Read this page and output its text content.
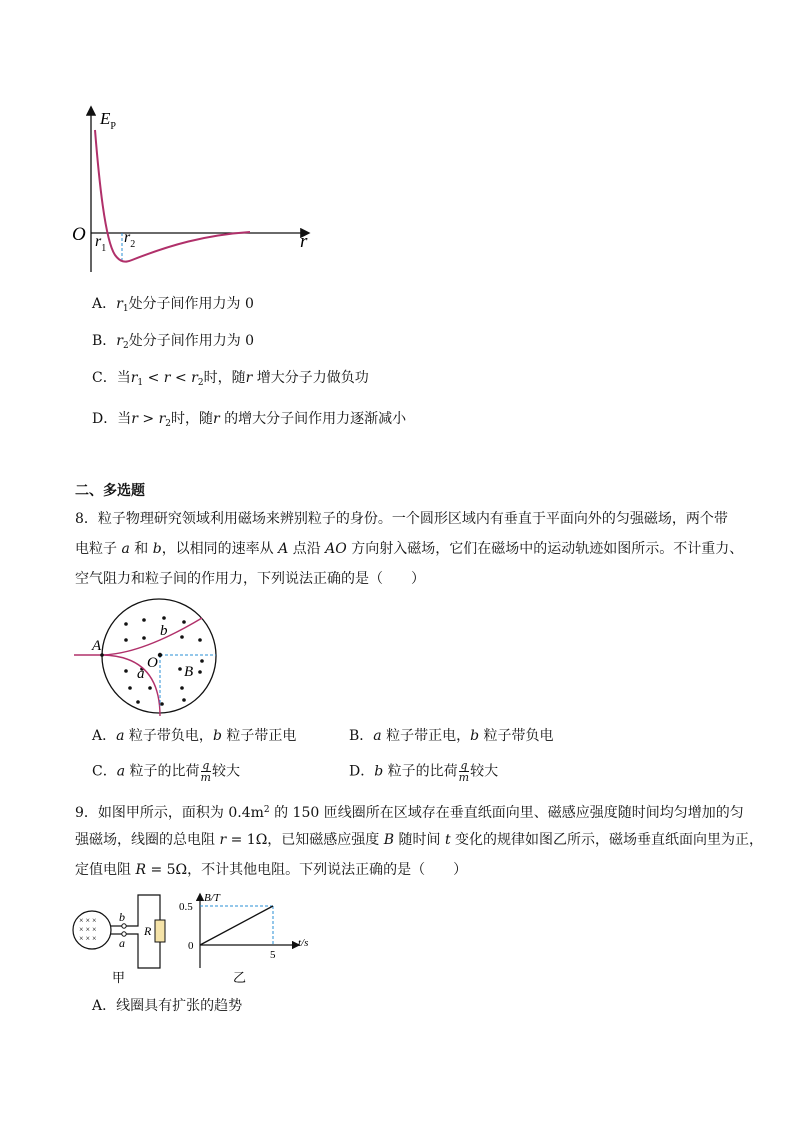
$E_P$
O	r
$r_1$
$r_2$
A．$r_1$处分子间作用力为 0
B．$r_2$处分子间作用力为 0
C．当$r_1 < r < r_2$时，随r 增大分子力做负功
D．当$r > r_2$时，随r 的增大分子间作用力逐渐减小
二、多选题
8．粒子物理研究领域利用磁场来辨别粒子的身份。一个圆形区域内有垂直于平面向外的匀强磁场，两个带
电粒子 a 和 b，以相同的速率从 A 点沿 AO 方向射入磁场，它们在磁场中的运动轨迹如图所示。不计重力、
空气阻力和粒子间的作用力，下列说法正确的是（　　）
A
O
B
a
b
A．a 粒子带负电，b 粒子带正电	B．a 粒子带正电，b 粒子带负电
C．a 粒子的比荷 $\frac{q}{m}$ 较大	D．b 粒子的比荷 $\frac{q}{m}$ 较大
9．如图甲所示，面积为 $0.4m^2$ 的 150 匝线圈所在区域存在垂直纸面向里、磁感应强度随时间均匀增加的匀
强磁场，线圈的总电阻 r = 1Ω，已知磁感应强度 B 随时间 t 变化的规律如图乙所示，磁场垂直纸面向里为正，
定值电阻 R = 5Ω，不计其他电阻。下列说法正确的是（　　）
× × ×
× × ×
× × ×
b
a
R
甲
B/T
0.5
0
5
t/s
乙
A．线圈具有扩张的趋势
